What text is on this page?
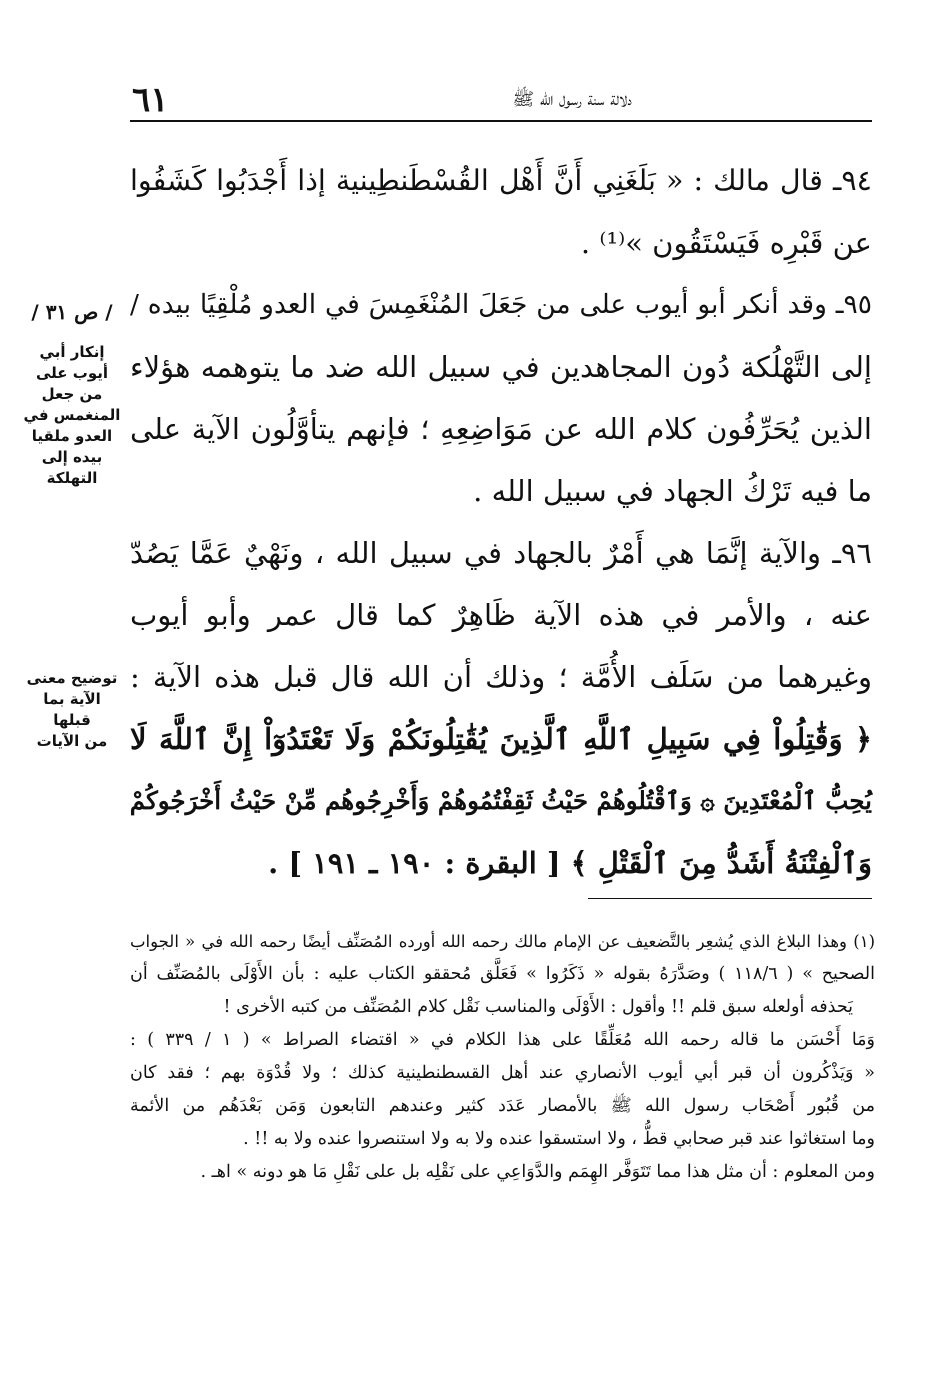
٦١	دلالة سنة رسول الله ﷺ
/ ص ٣١ /
إنكار أبي
أيوب على
من جعل
المنغمس في
العدو ملقيا
بيده إلى
التهلكة
توضيح معنى
الآية بما قبلها
من الآيات

٩٤ـ قال مالك : « بَلَغَنِي أَنَّ أَهْل القُسْطَنطِينية إذا أَجْدَبُوا كَشَفُوا
عن قَبْرِه فَيَسْتَقُون »⁽¹⁾ .

٩٥ـ وقد أنكر أبو أيوب على من جَعَلَ المُنْغَمِسَ في العدو مُلْقِيًا بيده /
إلى التَّهْلُكة دُون المجاهدين في سبيل الله ضد ما يتوهمه هؤلاء
الذين يُحَرِّفُون كلام الله عن مَوَاضِعِهِ ؛ فإنهم يتأوَّلُون الآية على
ما فيه تَرْكُ الجهاد في سبيل الله .

٩٦ـ والآية إنَّمَا هي أَمْرٌ بالجهاد في سبيل الله ، ونَهْيٌ عَمَّا يَصُدّ
عنه ، والأمر في هذه الآية ظَاهِرٌ كما قال عمر وأبو أيوب
وغيرهما من سَلَف الأُمَّة ؛ وذلك أن الله قال قبل هذه الآية :
﴿ وَقَٰتِلُواْ فِي سَبِيلِ ٱللَّهِ ٱلَّذِينَ يُقَٰتِلُونَكُمْ وَلَا تَعْتَدُوٓاْ إِنَّ ٱللَّهَ لَا
يُحِبُّ ٱلْمُعْتَدِينَ ۞ وَٱقْتُلُوهُمْ حَيْثُ ثَقِفْتُمُوهُمْ وَأَخْرِجُوهُم مِّنْ حَيْثُ أَخْرَجُوكُمْ
وَٱلْفِتْنَةُ أَشَدُّ مِنَ ٱلْقَتْلِ ﴾ [ البقرة : ١٩٠ ـ ١٩١ ] .

(١) وهذا البلاغ الذي يُشعِر بالتَّضعيف عن الإمام مالك رحمه الله أورده المُصَنِّف أيضًا رحمه الله في « الجواب
الصحيح » ( ١١٨/٦ ) وصَدَّرَهُ بقوله « ذَكَرُوا » فَعَلَّق مُحققو الكتاب عليه : بأن الأَوْلَى بالمُصَنِّف أن
يَحذفه أولعله سبق قلم !! وأقول : الأَوْلَى والمناسب نَقْل كلام المُصَنِّف من كتبه الأخرى !
وَمَا أَحْسَن ما قاله رحمه الله مُعَلِّقًا على هذا الكلام في « اقتضاء الصراط » ( ١ / ٣٣٩ ) :
« وَيَذْكُرون أن قبر أبي أيوب الأنصاري عند أهل القسطنطينية كذلك ؛ ولا قُدْوَة بهم ؛ فقد كان
من قُبُور أَصْحَاب رسول الله ﷺ بالأمصار عَدَد كثير وعندهم التابعون وَمَن بَعْدَهُم من الأئمة
وما استغاثوا عند قبر صحابي قطُّ ، ولا استسقوا عنده ولا به ولا استنصروا عنده ولا به !! .
ومن المعلوم : أن مثل هذا مما تَتَوَفَّر الهِمَم والدَّوَاعِي على نَقْلِه بل على نَقْلِ مَا هو دونه » اهـ .
